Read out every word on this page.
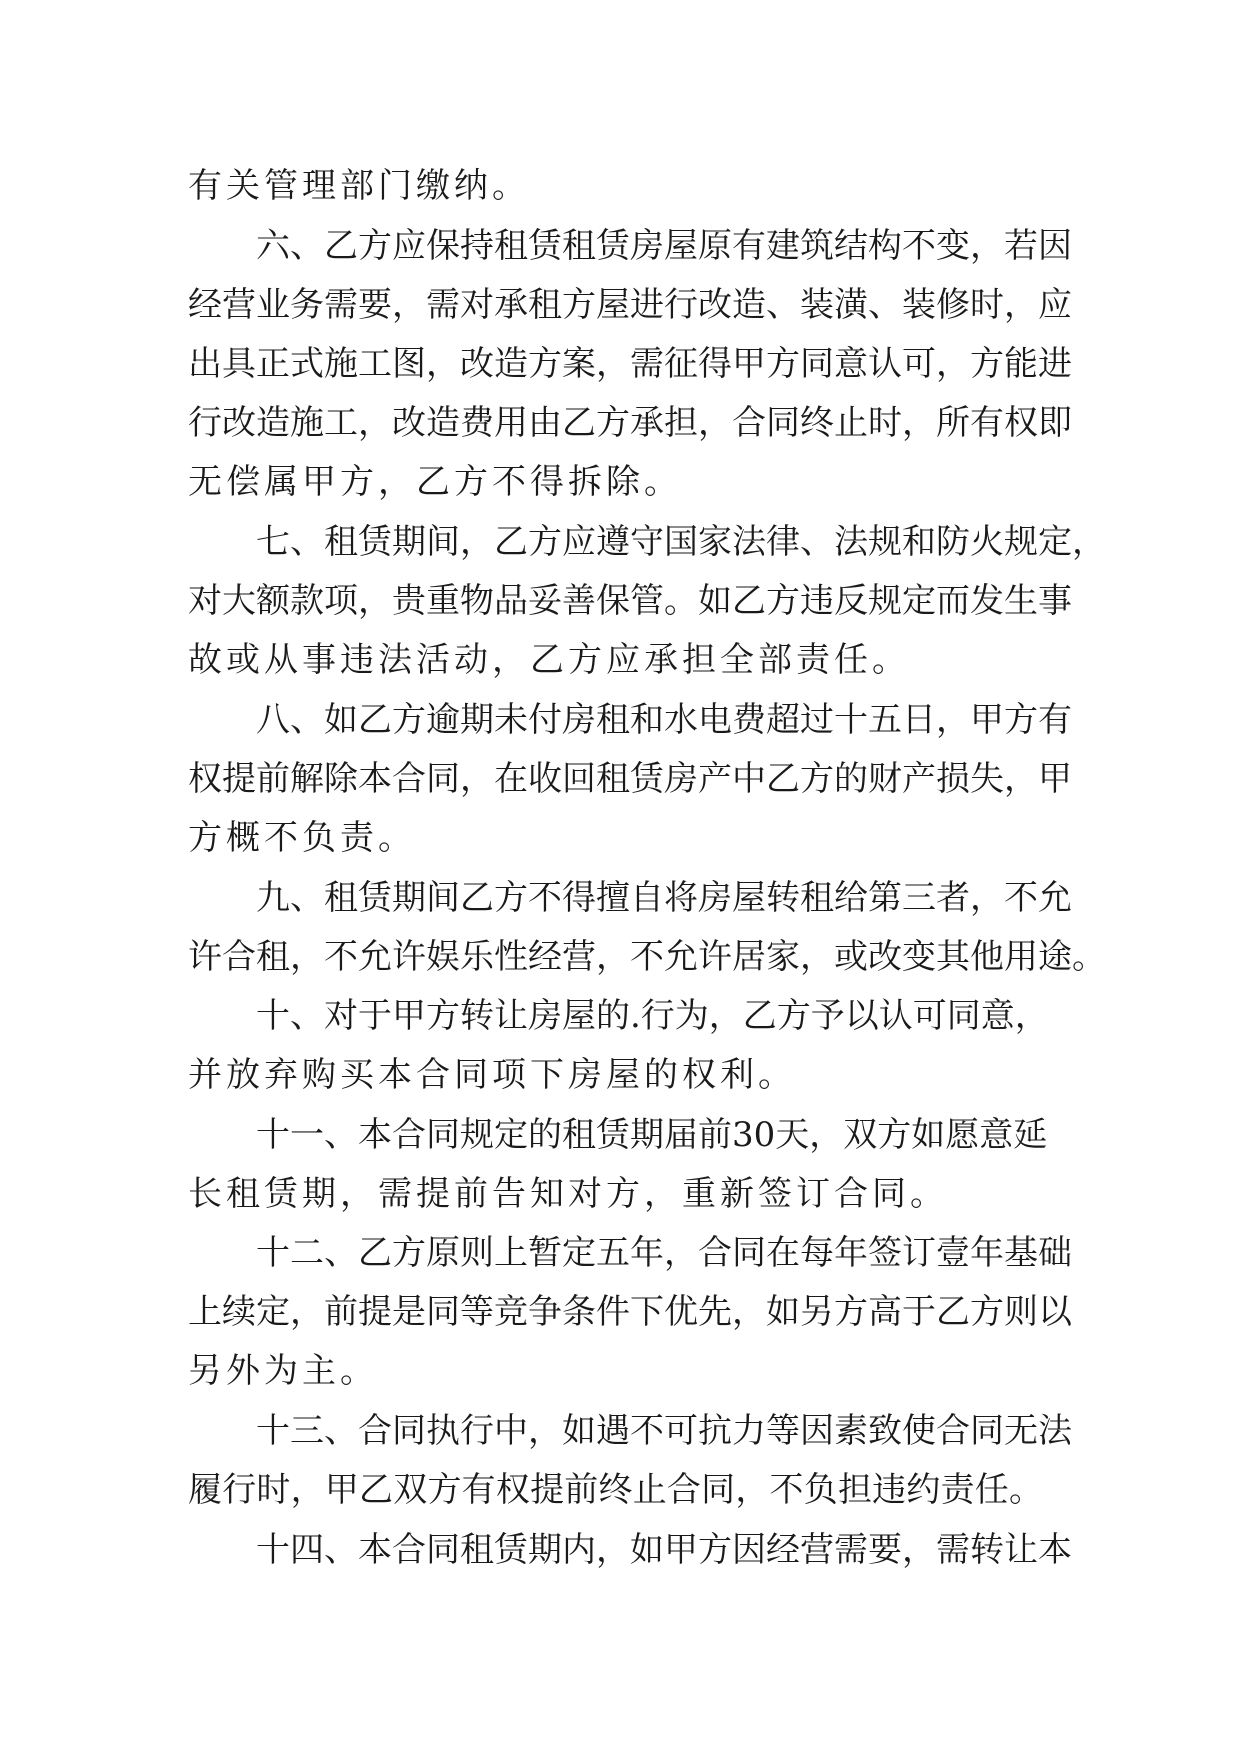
有关管理部门缴纳。
六、乙方应保持租赁租赁房屋原有建筑结构不变，若因
经营业务需要，需对承租方屋进行改造、装潢、装修时，应
出具正式施工图，改造方案，需征得甲方同意认可，方能进
行改造施工，改造费用由乙方承担，合同终止时，所有权即
无偿属甲方，乙方不得拆除。
七、租赁期间，乙方应遵守国家法律、法规和防火规定，
对大额款项，贵重物品妥善保管。如乙方违反规定而发生事
故或从事违法活动，乙方应承担全部责任。
八、如乙方逾期未付房租和水电费超过十五日，甲方有
权提前解除本合同，在收回租赁房产中乙方的财产损失，甲
方概不负责。
九、租赁期间乙方不得擅自将房屋转租给第三者，不允
许合租，不允许娱乐性经营，不允许居家，或改变其他用途。
十、对于甲方转让房屋的.行为，乙方予以认可同意，
并放弃购买本合同项下房屋的权利。
十一、本合同规定的租赁期届前30天，双方如愿意延
长租赁期，需提前告知对方，重新签订合同。
十二、乙方原则上暂定五年，合同在每年签订壹年基础
上续定，前提是同等竞争条件下优先，如另方高于乙方则以
另外为主。
十三、合同执行中，如遇不可抗力等因素致使合同无法
履行时，甲乙双方有权提前终止合同，不负担违约责任。
十四、本合同租赁期内，如甲方因经营需要，需转让本
